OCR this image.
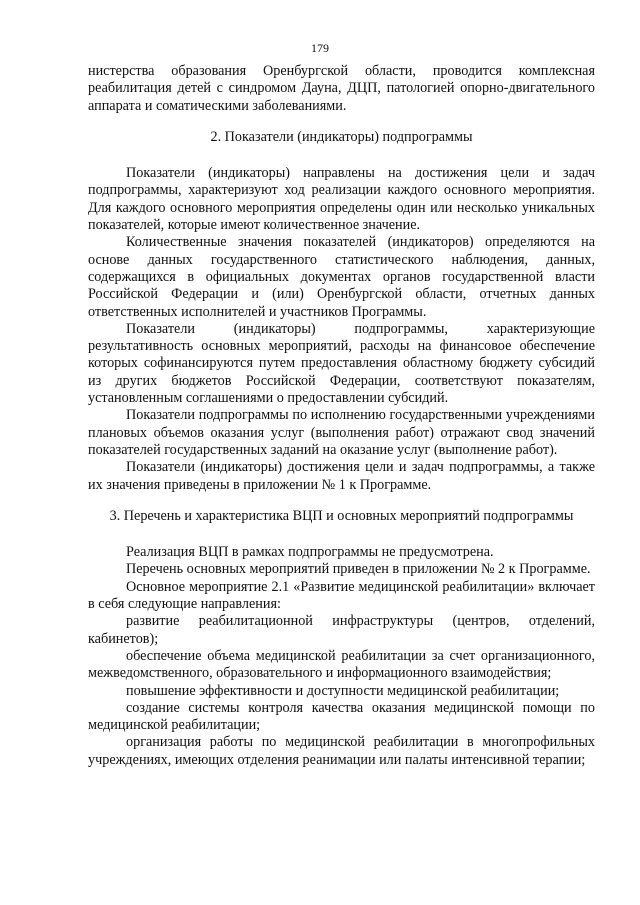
179

нистерства образования Оренбургской области, проводится комплексная реабилитация детей с синдромом Дауна, ДЦП, патологией опорно-двигательного аппарата и соматическими заболеваниями.

2. Показатели (индикаторы) подпрограммы

Показатели (индикаторы) направлены на достижения цели и задач подпрограммы, характеризуют ход реализации каждого основного мероприятия. Для каждого основного мероприятия определены один или несколько уникальных показателей, которые имеют количественное значение.

Количественные значения показателей (индикаторов) определяются на основе данных государственного статистического наблюдения, данных, содержащихся в официальных документах органов государственной власти Российской Федерации и (или) Оренбургской области, отчетных данных ответственных исполнителей и участников Программы.

Показатели (индикаторы) подпрограммы, характеризующие результативность основных мероприятий, расходы на финансовое обеспечение которых софинансируются путем предоставления областному бюджету субсидий из других бюджетов Российской Федерации, соответствуют показателям, установленным соглашениями о предоставлении субсидий.

Показатели подпрограммы по исполнению государственными учреждениями плановых объемов оказания услуг (выполнения работ) отражают свод значений показателей государственных заданий на оказание услуг (выполнение работ).

Показатели (индикаторы) достижения цели и задач подпрограммы, а также их значения приведены в приложении № 1 к Программе.

3. Перечень и характеристика ВЦП и основных мероприятий подпрограммы

Реализация ВЦП в рамках подпрограммы не предусмотрена.

Перечень основных мероприятий приведен в приложении № 2 к Программе.

Основное мероприятие 2.1 «Развитие медицинской реабилитации» включает в себя следующие направления:

развитие реабилитационной инфраструктуры (центров, отделений, кабинетов);

обеспечение объема медицинской реабилитации за счет организационного, межведомственного, образовательного и информационного взаимодействия;

повышение эффективности и доступности медицинской реабилитации;

создание системы контроля качества оказания медицинской помощи по медицинской реабилитации;

организация работы по медицинской реабилитации в многопрофильных учреждениях, имеющих отделения реанимации или палаты интенсивной терапии;
